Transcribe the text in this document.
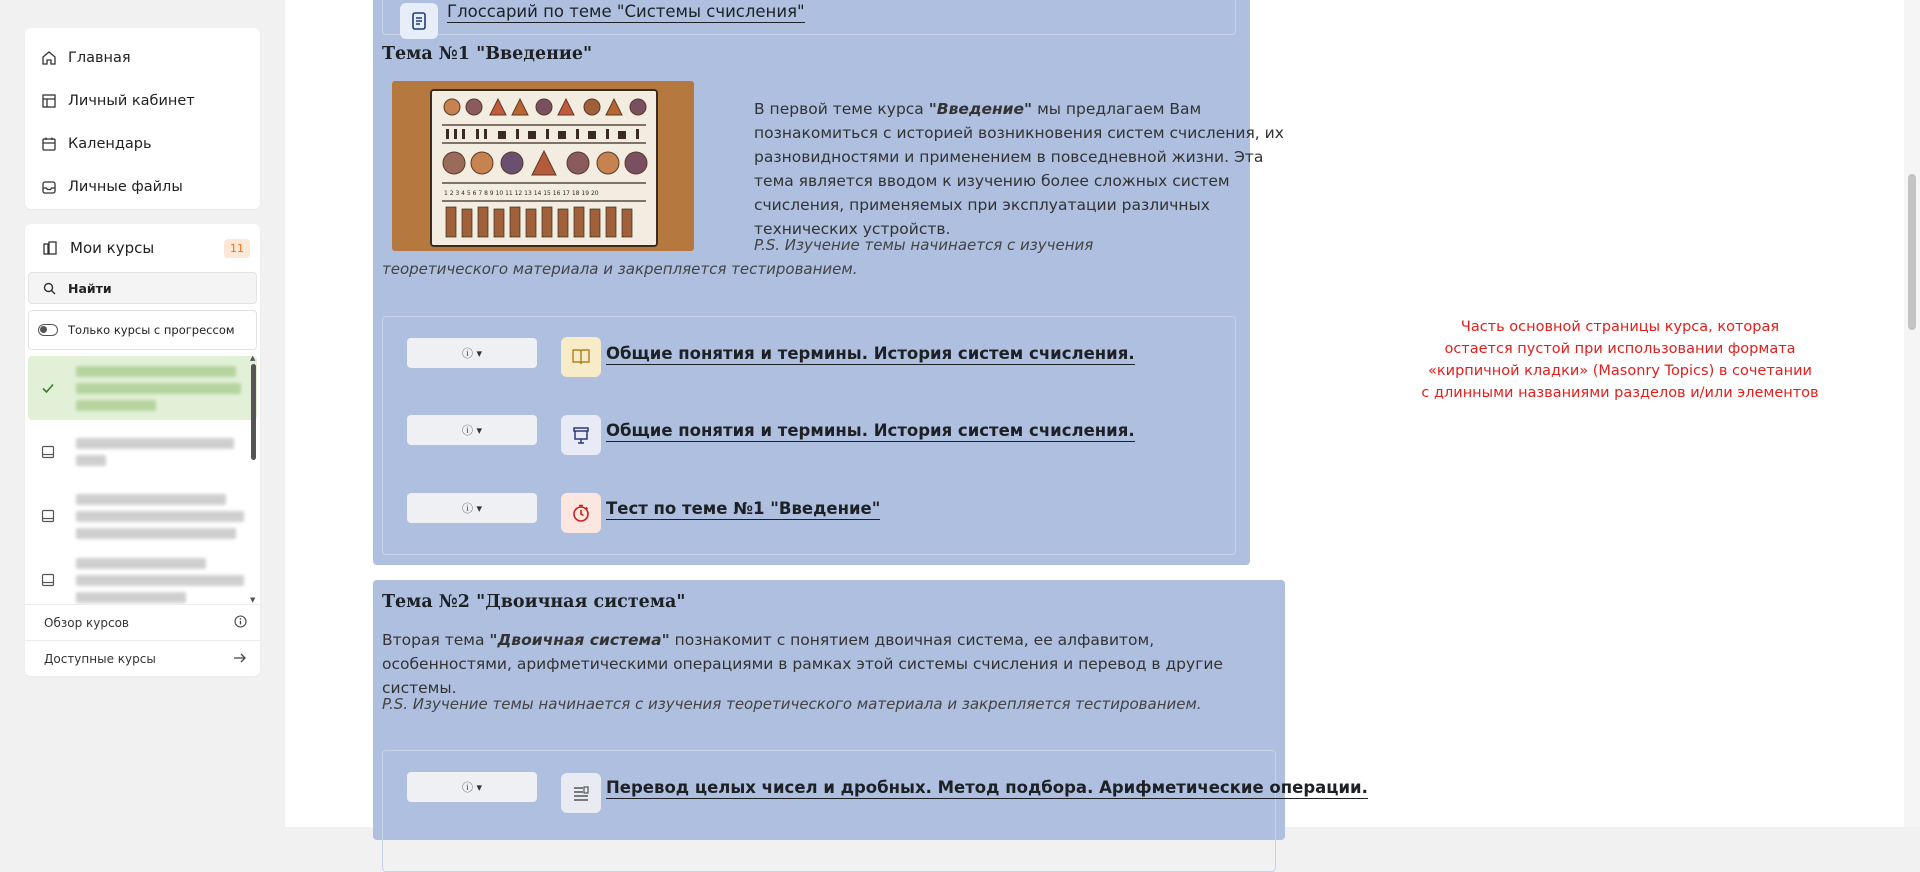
Главная
Личный кабинет
Календарь
Личные файлы
Мои курсы	11
Найти
Только курсы с прогрессом
▲
▼
Обзор курсов
Доступные курсы
Глоссарий по теме "Системы счисления"
Тема №1 "Введение"
1 2 3 4 5 6 7 8 9 10 11 12 13 14 15 16 17 18 19 20
В первой теме курса "Введение" мы предлагаем Вам познакомиться с историей возникновения систем счисления, их разновидностями и применением в повседневной жизни. Эта тема является вводом к изучению более сложных систем счисления, применяемых при эксплуатации различных технических устройств.
P.S. Изучение темы начинается с изучения теоретического материала и закрепляется тестированием.
ⓘ ▾	Общие понятия и термины. История систем счисления.
ⓘ ▾	Общие понятия и термины. История систем счисления.
ⓘ ▾	Тест по теме №1 "Введение"
Тема №2 "Двоичная система"
Вторая тема "Двоичная система" познакомит с понятием двоичная система, ее алфавитом, особенностями, арифметическими операциями в рамках этой системы счисления и перевод в другие системы.
P.S. Изучение темы начинается с изучения теоретического материала и закрепляется тестированием.
ⓘ ▾	Перевод целых чисел и дробных. Метод подбора. Арифметические операции.
Часть основной страницы курса, которая
остается пустой при использовании формата
«кирпичной кладки» (Masonry Topics) в сочетании
с длинными названиями разделов и/или элементов
